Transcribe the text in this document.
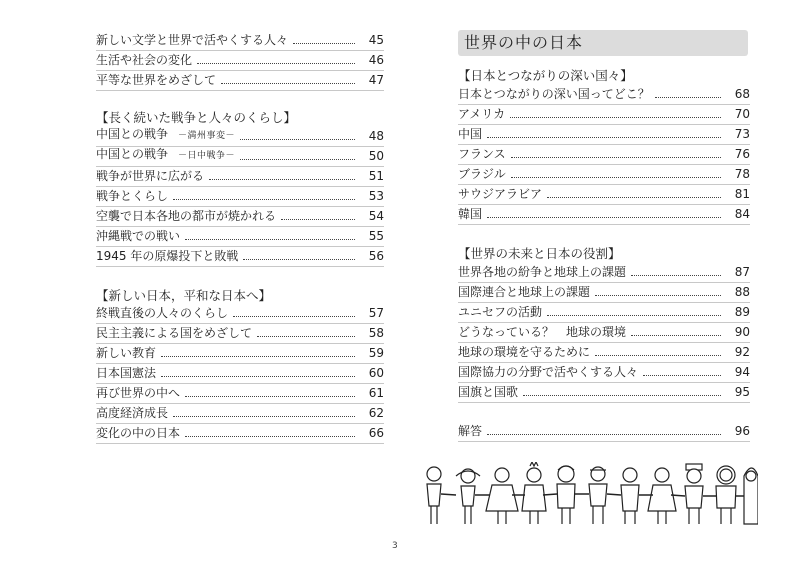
新しい文学と世界で活やくする人々	45
生活や社会の変化	46
平等な世界をめざして	47
【長く続いた戦争と人々のくらし】
中国との戦争 －満州事変－	48
中国との戦争 －日中戦争－	50
戦争が世界に広がる	51
戦争とくらし	53
空襲で日本各地の都市が焼かれる	54
沖縄戦での戦い	55
1945 年の原爆投下と敗戦	56
【新しい日本，平和な日本へ】
終戦直後の人々のくらし	57
民主主義による国をめざして	58
新しい教育	59
日本国憲法	60
再び世界の中へ	61
高度経済成長	62
変化の中の日本	66
世界の中の日本
【日本とつながりの深い国々】
日本とつながりの深い国ってどこ？	68
アメリカ	70
中国	73
フランス	76
ブラジル	78
サウジアラビア	81
韓国	84
【世界の未来と日本の役割】
世界各地の紛争と地球上の課題	87
国際連合と地球上の課題	88
ユニセフの活動	89
どうなっている？　地球の環境	90
地球の環境を守るために	92
国際協力の分野で活やくする人々	94
国旗と国歌	95
解答	96
3
